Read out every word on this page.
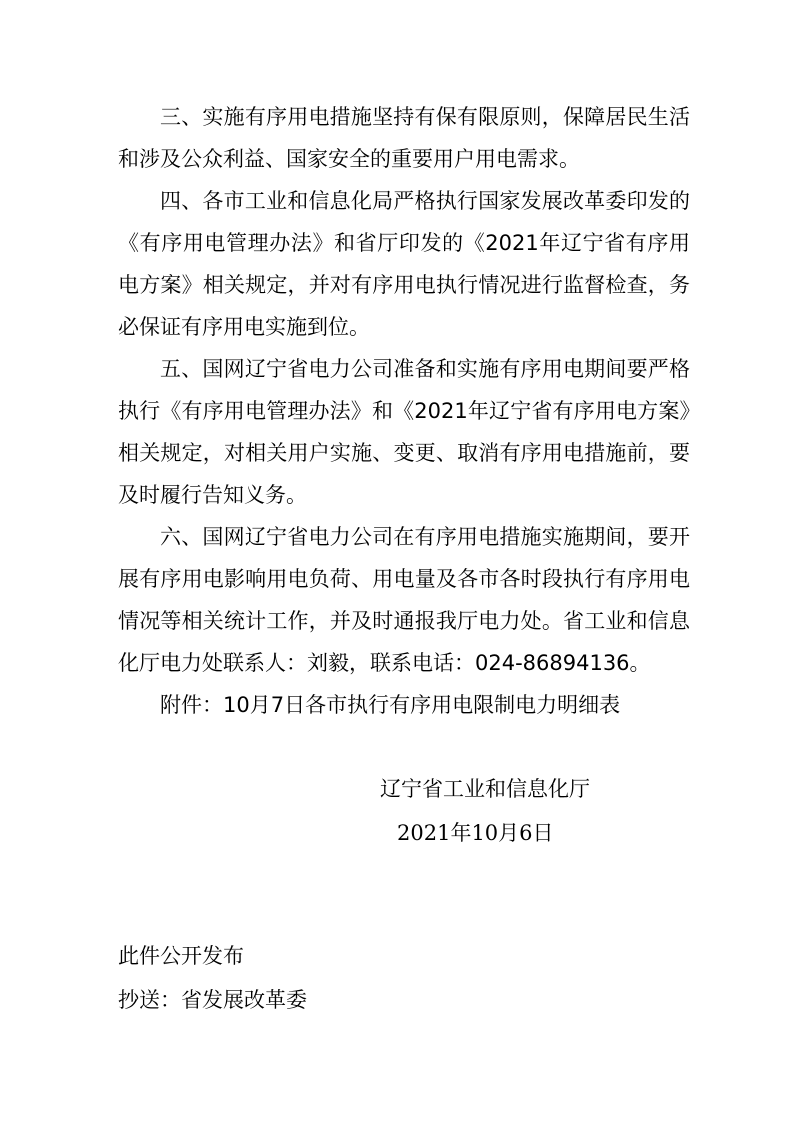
三、实施有序用电措施坚持有保有限原则，保障居民生活和涉及公众利益、国家安全的重要用户用电需求。

四、各市工业和信息化局严格执行国家发展改革委印发的《有序用电管理办法》和省厅印发的《2021年辽宁省有序用电方案》相关规定，并对有序用电执行情况进行监督检查，务必保证有序用电实施到位。

五、国网辽宁省电力公司准备和实施有序用电期间要严格执行《有序用电管理办法》和《2021年辽宁省有序用电方案》相关规定，对相关用户实施、变更、取消有序用电措施前，要及时履行告知义务。

六、国网辽宁省电力公司在有序用电措施实施期间，要开展有序用电影响用电负荷、用电量及各市各时段执行有序用电情况等相关统计工作，并及时通报我厅电力处。省工业和信息化厅电力处联系人：刘毅，联系电话：024-86894136。

附件：10月7日各市执行有序用电限制电力明细表

辽宁省工业和信息化厅
2021年10月6日
此件公开发布
抄送：省发展改革委
